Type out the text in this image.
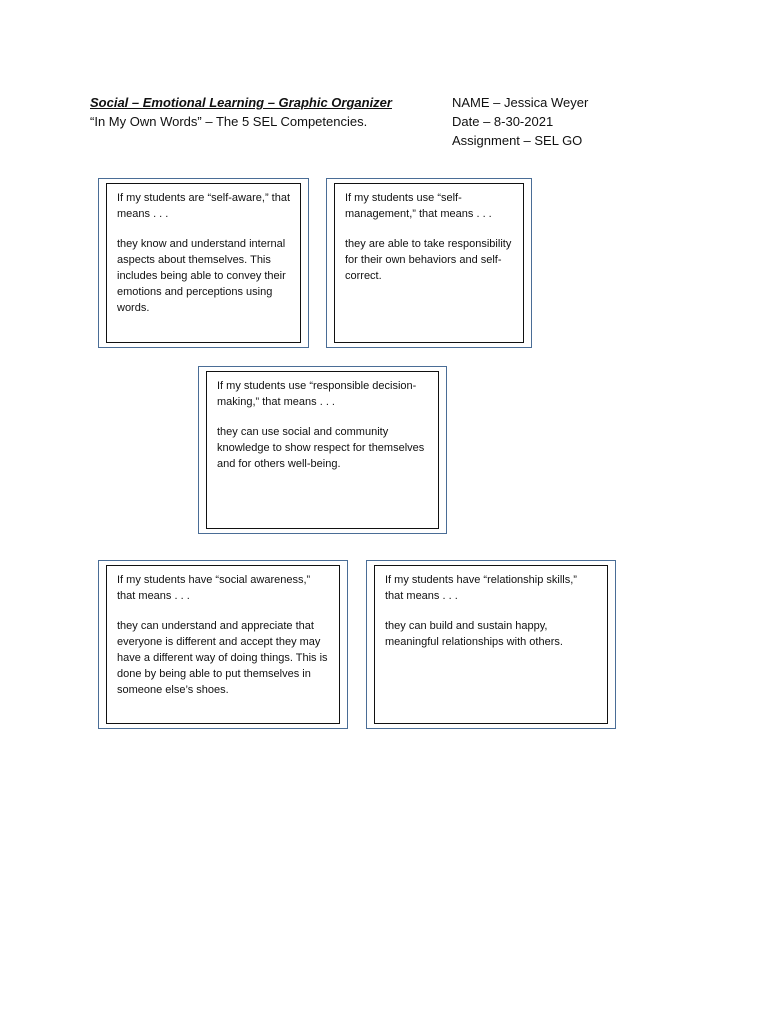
Social – Emotional Learning – Graphic Organizer
“In My Own Words” – The 5 SEL Competencies.
NAME – Jessica Weyer
Date – 8-30-2021
Assignment – SEL GO

If my students are “self-aware,” that means . . .

they know and understand internal aspects about themselves. This includes being able to convey their emotions and perceptions using words.

If my students use “self-management,” that means . . .

they are able to take responsibility for their own behaviors and self-correct.

If my students use “responsible decision-making,” that means . . .

they can use social and community knowledge to show respect for themselves and for others well-being.

If my students have “social awareness,” that means . . .

they can understand and appreciate that everyone is different and accept they may have a different way of doing things. This is done by being able to put themselves in someone else’s shoes.

If my students have “relationship skills,” that means . . .

they can build and sustain happy, meaningful relationships with others.
